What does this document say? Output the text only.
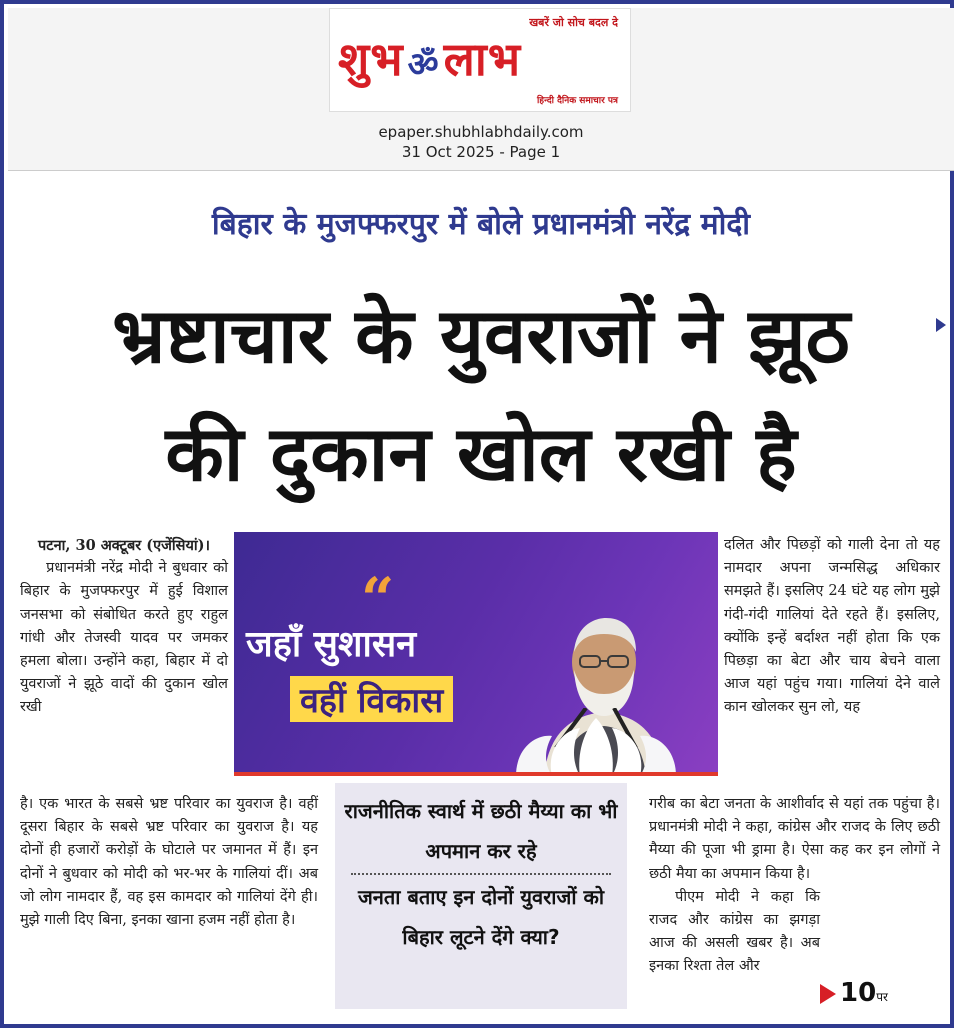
खबरें जो सोच बदल दे
शुभ ॐलाभ
हिन्दी दैनिक समाचार पत्र
epaper.shubhlabhdaily.com
31 Oct 2025 - Page 1
बिहार के मुजफ्फरपुर में बोले प्रधानमंत्री नरेंद्र मोदी
भ्रष्टाचार के युवराजों ने झूठ
की दुकान खोल रखी है

पटना, 30 अक्टूबर (एजेंसियां)।

प्रधानमंत्री नरेंद्र मोदी ने बुधवार को बिहार के मुजफ्फरपुर में हुई विशाल जनसभा को संबोधित करते हुए राहुल गांधी और तेजस्वी यादव पर जमकर हमला बोला। उन्होंने कहा, बिहार में दो युवराजों ने झूठे वादों की दुकान खोल रखी

“
जहाँ सुशासन
वहीं विकास

दलित और पिछड़ों को गाली देना तो यह नामदार अपना जन्मसिद्ध अधिकार समझते हैं। इसलिए 24 घंटे यह लोग मुझे गंदी-गंदी गालियां देते रहते हैं। इसलिए, क्योंकि इन्हें बर्दाश्त नहीं होता कि एक पिछड़ा का बेटा और चाय बेचने वाला आज यहां पहुंच गया। गालियां देने वाले कान खोलकर सुन लो, यह

है। एक भारत के सबसे भ्रष्ट परिवार का युवराज है। वहीं दूसरा बिहार के सबसे भ्रष्ट परिवार का युवराज है। यह दोनों ही हजारों करोड़ों के घोटाले पर जमानत में हैं। इन दोनों ने बुधवार को मोदी को भर-भर के गालियां दीं। अब जो लोग नामदार हैं, वह इस कामदार को गालियां देंगे ही। मुझे गाली दिए बिना, इनका खाना हजम नहीं होता है।

राजनीतिक स्वार्थ में छठी मैय्या का भी अपमान कर रहे
जनता बताए इन दोनों युवराजों को बिहार लूटने देंगे क्या?

गरीब का बेटा जनता के आशीर्वाद से यहां तक पहुंचा है। प्रधानमंत्री मोदी ने कहा, कांग्रेस और राजद के लिए छठी मैय्या की पूजा भी ड्रामा है। ऐसा कह कर इन लोगों ने छठी मैया का अपमान किया है।

पीएम मोदी ने कहा कि राजद और कांग्रेस का झगड़ा आज की असली खबर है। अब इनका रिश्ता तेल और

10पर
